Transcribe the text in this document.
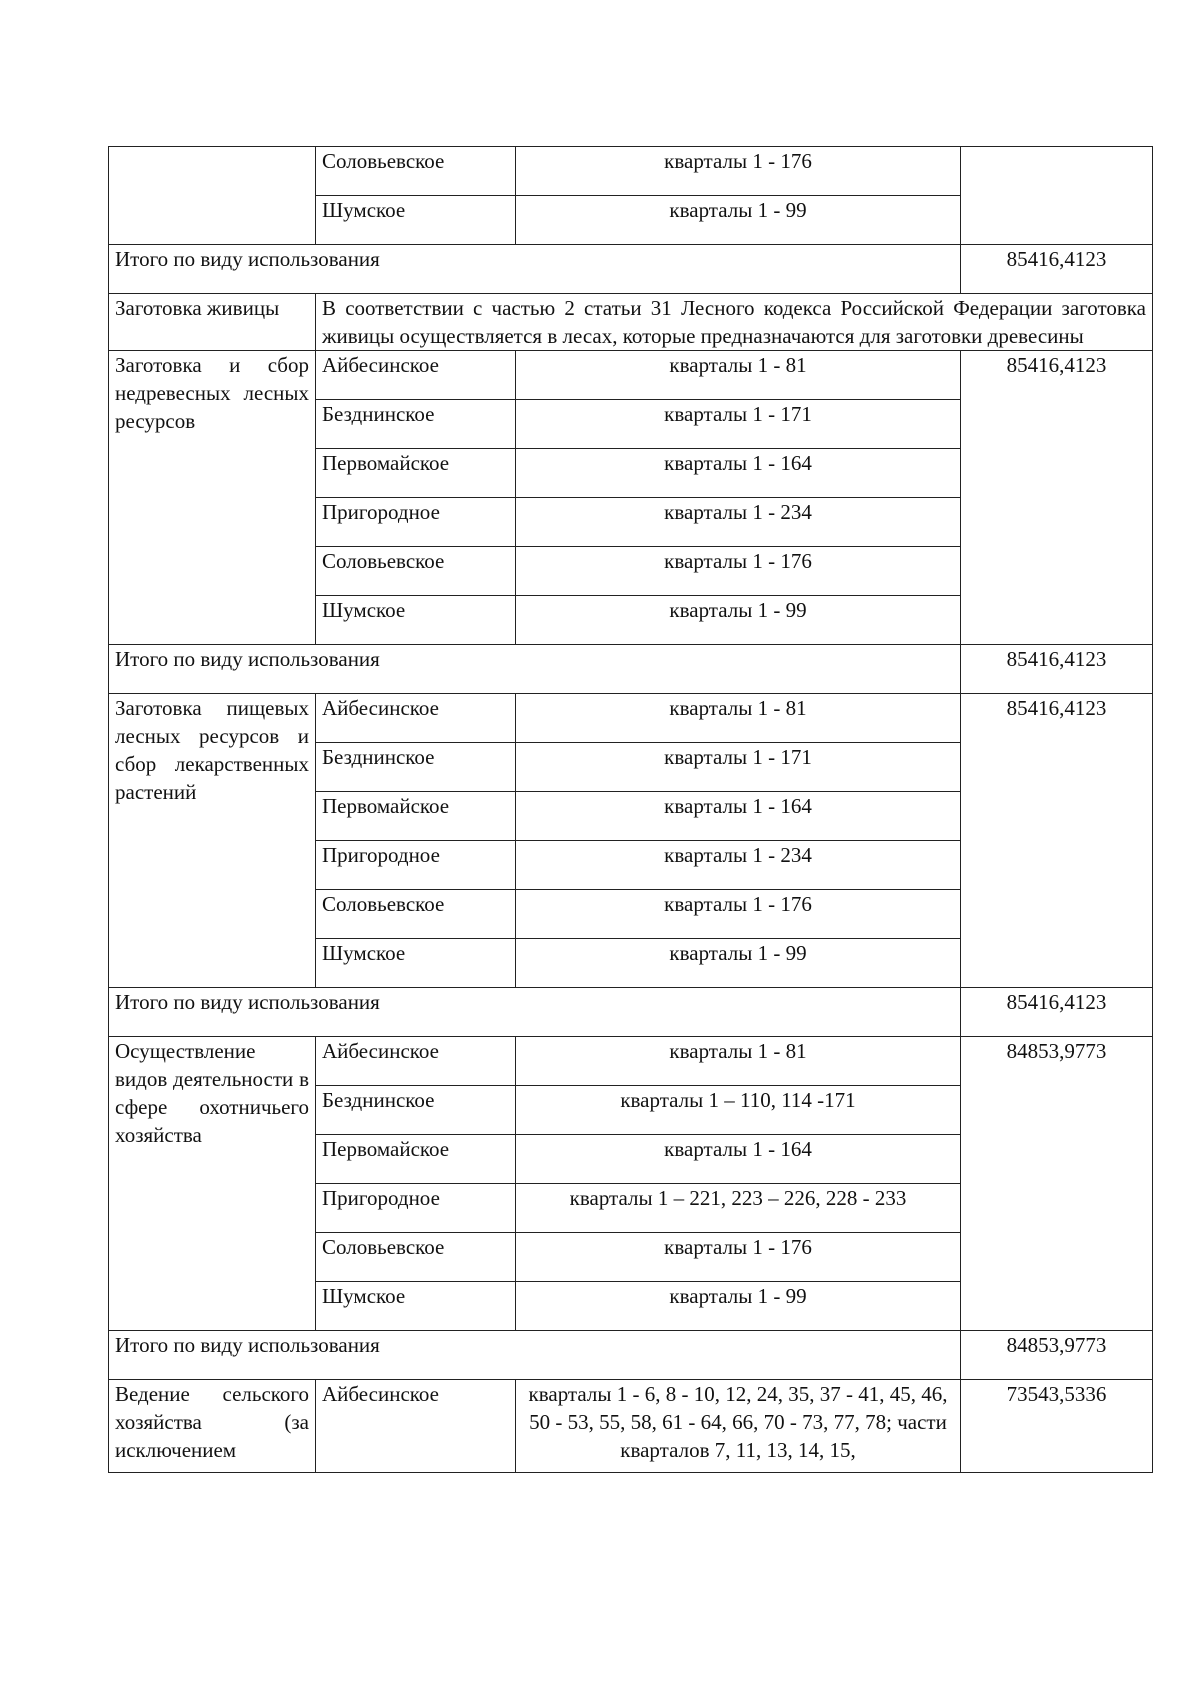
	Соловьевское	кварталы 1 - 176	
	Шумское	кварталы 1 - 99	
Итого по виду использования			85416,4123
Заготовка живицы	В соответствии с частью 2 статьи 31 Лесного кодекса Российской Федерации заготовка живицы осуществляется в лесах, которые предназначаются для заготовки древесины		
Заготовка и сбор недревесных лесных ресурсов	Айбесинское	кварталы 1 - 81	85416,4123
	Безднинское	кварталы 1 - 171	
	Первомайское	кварталы 1 - 164	
	Пригородное	кварталы 1 - 234	
	Соловьевское	кварталы 1 - 176	
	Шумское	кварталы 1 - 99	
Итого по виду использования			85416,4123
Заготовка пищевых лесных ресурсов и сбор лекарственных растений	Айбесинское	кварталы 1 - 81	85416,4123
	Безднинское	кварталы 1 - 171	
	Первомайское	кварталы 1 - 164	
	Пригородное	кварталы 1 - 234	
	Соловьевское	кварталы 1 - 176	
	Шумское	кварталы 1 - 99	
Итого по виду использования			85416,4123
Осуществление видов деятельности в сфере охотничьего хозяйства	Айбесинское	кварталы 1 - 81	84853,9773
	Безднинское	кварталы 1 – 110, 114 -171	
	Первомайское	кварталы 1 - 164	
	Пригородное	кварталы 1 – 221, 223 – 226, 228 - 233	
	Соловьевское	кварталы 1 - 176	
	Шумское	кварталы 1 - 99	
Итого по виду использования			84853,9773
Ведение сельского хозяйства (за исключением	Айбесинское	кварталы 1 - 6, 8 - 10, 12, 24, 35, 37 - 41, 45, 46, 50 - 53, 55, 58, 61 - 64, 66, 70 - 73, 77, 78; части кварталов 7, 11, 13, 14, 15,	73543,5336
